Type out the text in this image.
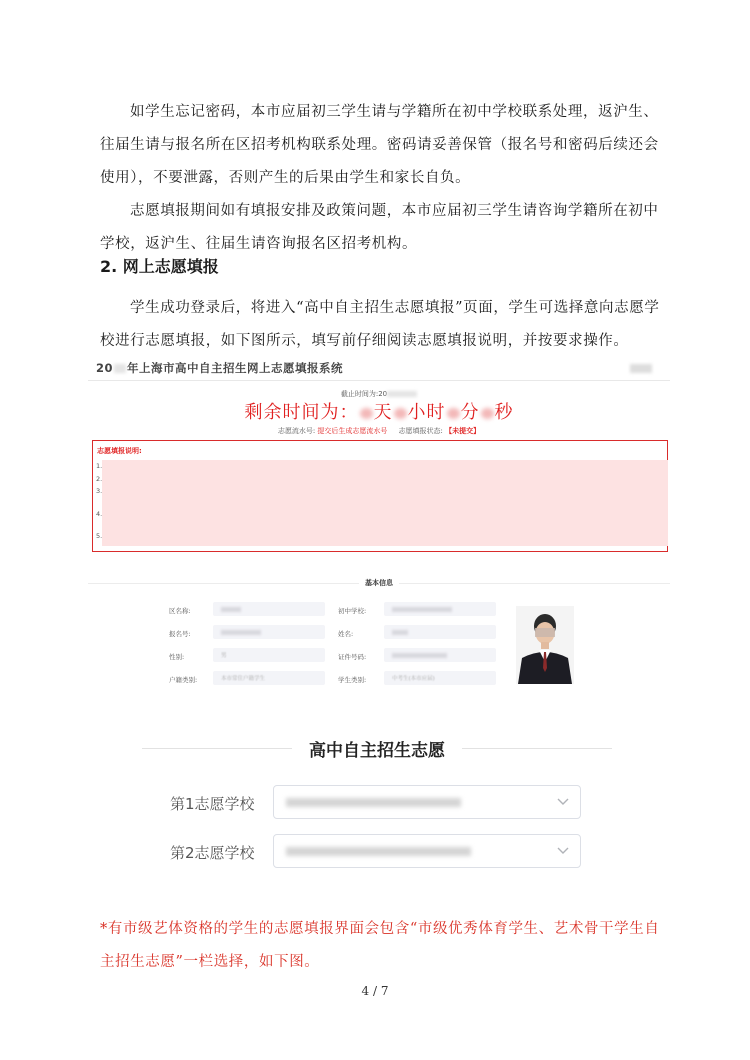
如学生忘记密码，本市应届初三学生请与学籍所在初中学校联系处理，返沪生、往届生请与报名所在区招考机构联系处理。密码请妥善保管（报名号和密码后续还会使用），不要泄露，否则产生的后果由学生和家长自负。

志愿填报期间如有填报安排及政策问题，本市应届初三学生请咨询学籍所在初中学校，返沪生、往届生请咨询报名区招考机构。

2. 网上志愿填报

学生成功登录后，将进入“高中自主招生志愿填报”页面，学生可选择意向志愿学校进行志愿填报，如下图所示，填写前仔细阅读志愿填报说明，并按要求操作。

20 年上海市高中自主招生网上志愿填报系统
截止时间为:20
剩余时间为： 天 小时 分 秒
志愿流水号: 提交后生成志愿流水号 志愿填报状态: 【未提交】
志愿填报说明:
1.
2.
3.
4.
5.
基本信息
区名称:	初中学校:
报名号:	姓名:
性别:	男	证件号码:
户籍类别:	本市常住户籍学生	学生类别:	中考生(本市应届)
高中自主招生志愿
第1志愿学校
第2志愿学校

*有市级艺体资格的学生的志愿填报界面会包含“市级优秀体育学生、艺术骨干学生自主招生志愿”一栏选择，如下图。

4 / 7
